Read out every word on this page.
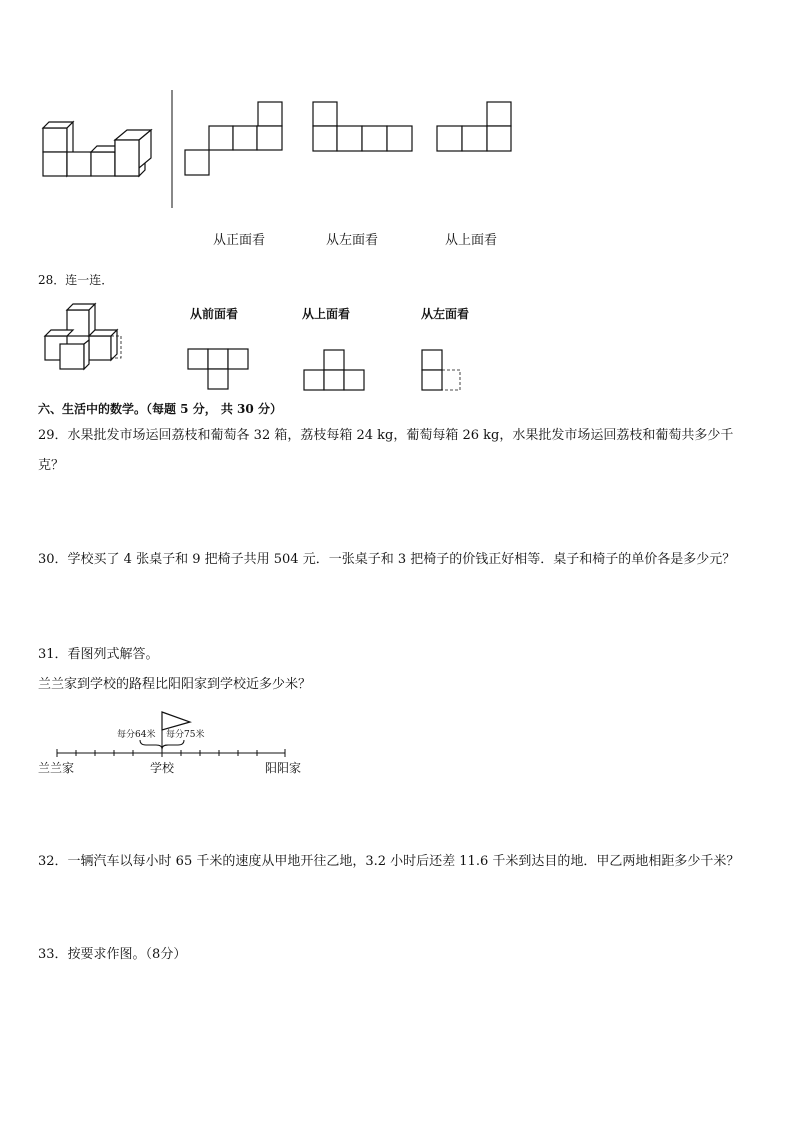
从正面看	从左面看	从上面看
28．连一连．
从前面看	从上面看	从左面看
六、生活中的数学。（每题 5 分， 共 30 分）
29．水果批发市场运回荔枝和葡萄各 32 箱，荔枝每箱 24 kg，葡萄每箱 26 kg，水果批发市场运回荔枝和葡萄共多少千
克？
30．学校买了 4 张桌子和 9 把椅子共用 504 元．一张桌子和 3 把椅子的价钱正好相等．桌子和椅子的单价各是多少元？
31．看图列式解答。
兰兰家到学校的路程比阳阳家到学校近多少米？
每分64米 每分75米
兰兰家	学校	阳阳家
32．一辆汽车以每小时 65 千米的速度从甲地开往乙地，3.2 小时后还差 11.6 千米到达目的地．甲乙两地相距多少千米？
33．按要求作图。（8分）
